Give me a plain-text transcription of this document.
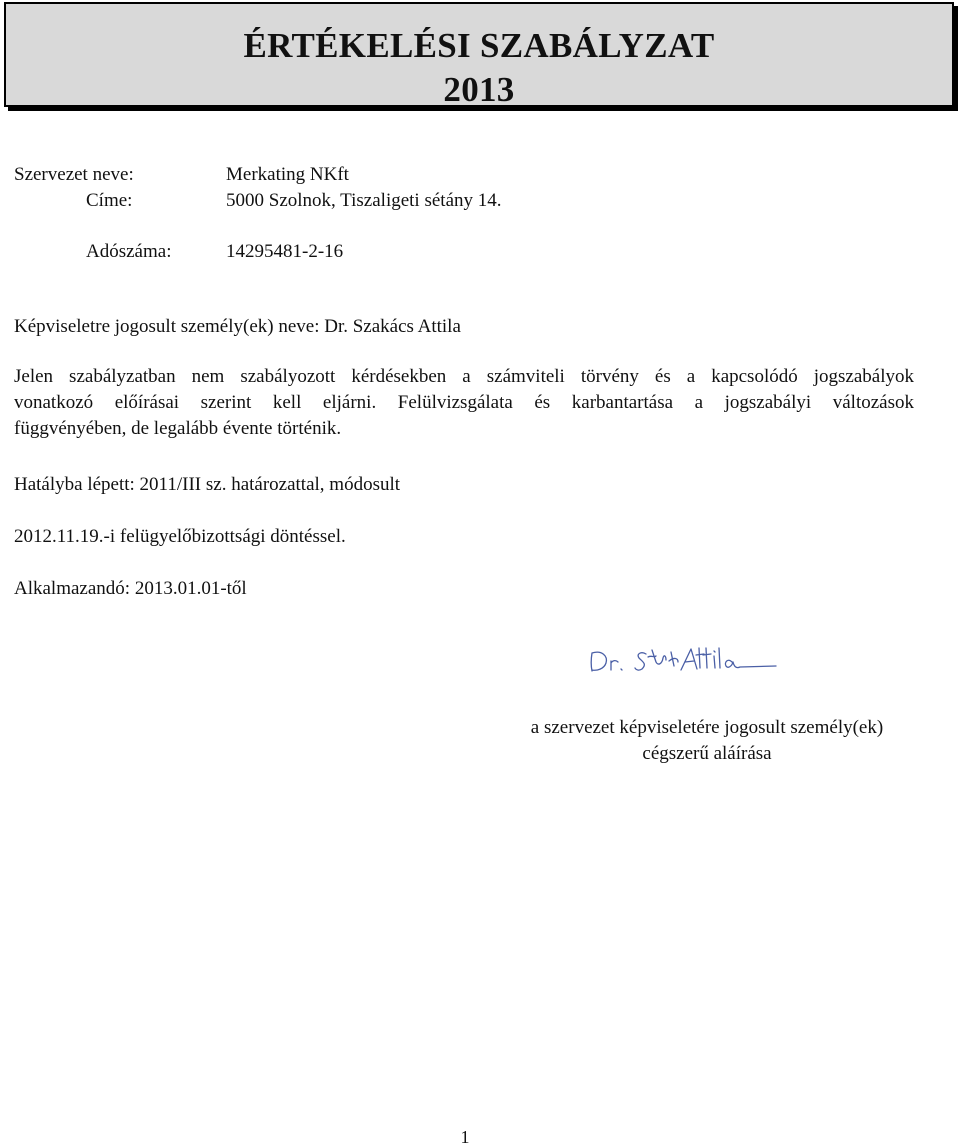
ÉRTÉKELÉSI SZABÁLYZAT
2013
Szervezet neve:	Merkating NKft
Címe:	5000 Szolnok, Tiszaligeti sétány 14.
Adószáma:	14295481-2-16
Képviseletre jogosult személy(ek) neve: Dr. Szakács Attila
Jelen szabályzatban nem szabályozott kérdésekben a számviteli törvény és a kapcsolódó jogszabályok
vonatkozó előírásai szerint kell eljárni. Felülvizsgálata és karbantartása a jogszabályi változások
függvényében, de legalább évente történik.
Hatályba lépett: 2011/III sz. határozattal, módosult
2012.11.19.-i felügyelőbizottsági döntéssel.
Alkalmazandó: 2013.01.01-től
a szervezet képviseletére jogosult személy(ek)
cégszerű aláírása
1
